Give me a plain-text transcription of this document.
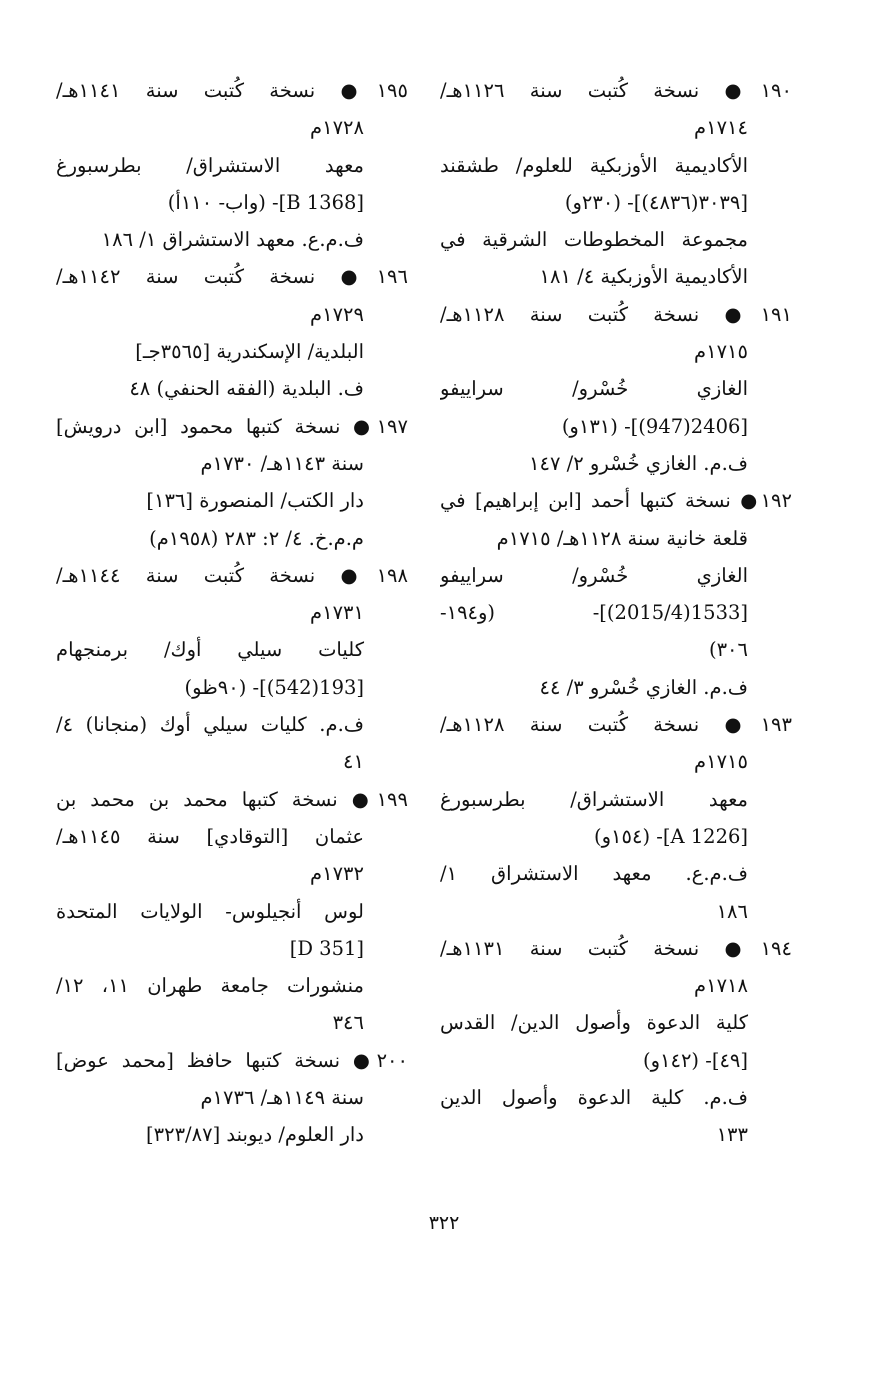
١٩٠● نسخة كُتبت سنة ١١٢٦هـ/
١٧١٤م
الأكاديمية الأوزبكية للعلوم/ طشقند
[٣٠٣٩(٤٨٣٦)]- (٢٣٠و)
مجموعة المخطوطات الشرقية في
الأكاديمية الأوزبكية ٤/ ١٨١
١٩١● نسخة كُتبت سنة ١١٢٨هـ/
١٧١٥م
الغازي خُسْرو/ سراييفو
[2406(947)]- (١٣١و)
ف.م. الغازي خُسْرو ٢/ ١٤٧
١٩٢● نسخة كتبها أحمد [ابن إبراهيم] في
قلعة خانية سنة ١١٢٨هـ/ ١٧١٥م
الغازي خُسْرو/ سراييفو
[1533(2015/4)]- (و١٩٤-
٣٠٦)
ف.م. الغازي خُسْرو ٣/ ٤٤
١٩٣● نسخة كُتبت سنة ١١٢٨هـ/
١٧١٥م
معهد الاستشراق/ بطرسبورغ
[A 1226]- (١٥٤و)
ف.م.ع. معهد الاستشراق ١/
١٨٦
١٩٤● نسخة كُتبت سنة ١١٣١هـ/
١٧١٨م
كلية الدعوة وأصول الدين/ القدس
[٤٩]- (١٤٢و)
ف.م. كلية الدعوة وأصول الدين
١٣٣
١٩٥● نسخة كُتبت سنة ١١٤١هـ/
١٧٢٨م
معهد الاستشراق/ بطرسبورغ
[B 1368]- (واب- ١١٠أ)
ف.م.ع. معهد الاستشراق ١/ ١٨٦
١٩٦● نسخة كُتبت سنة ١١٤٢هـ/
١٧٢٩م
البلدية/ الإسكندرية [٣٥٦٥جـ]
ف. البلدية (الفقه الحنفي) ٤٨
١٩٧● نسخة كتبها محمود [ابن درويش]
سنة ١١٤٣هـ/ ١٧٣٠م
دار الكتب/ المنصورة [١٣٦]
م.م.خ. ٤/ ٢: ٢٨٣ (١٩٥٨م)
١٩٨● نسخة كُتبت سنة ١١٤٤هـ/
١٧٣١م
كليات سيلي أوك/ برمنجهام
[193(542)]- (٩٠ظو)
ف.م. كليات سيلي أوك (منجانا) ٤/
٤١
١٩٩● نسخة كتبها محمد بن محمد بن
عثمان [التوقادي] سنة ١١٤٥هـ/
١٧٣٢م
لوس أنجيلوس- الولايات المتحدة
[D 351]
منشورات جامعة طهران ١١، ١٢/
٣٤٦
٢٠٠● نسخة كتبها حافظ [محمد عوض]
سنة ١١٤٩هـ/ ١٧٣٦م
دار العلوم/ ديوبند [٣٢٣/٨٧]
٣٢٢
